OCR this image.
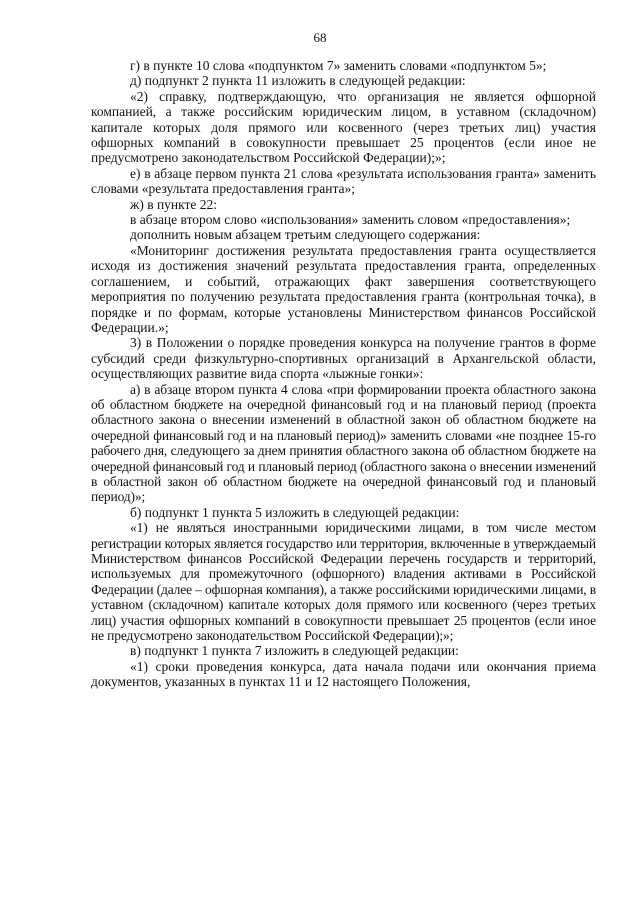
68

г) в пункте 10 слова «подпунктом 7» заменить словами «подпунктом 5»;

д) подпункт 2 пункта 11 изложить в следующей редакции:

«2) справку, подтверждающую, что организация не является офшорной компанией, а также российским юридическим лицом, в уставном (складочном) капитале которых доля прямого или косвенного (через третьих лиц) участия офшорных компаний в совокупности превышает 25 процентов (если иное не предусмотрено законодательством Российской Федерации);»;

е) в абзаце первом пункта 21 слова «результата использования гранта» заменить словами «результата предоставления гранта»;

ж) в пункте 22:

в абзаце втором слово «использования» заменить словом «предоставления»;

дополнить новым абзацем третьим следующего содержания:

«Мониторинг достижения результата предоставления гранта осуществляется исходя из достижения значений результата предоставления гранта, определенных соглашением, и событий, отражающих факт завершения соответствующего мероприятия по получению результата предоставления гранта (контрольная точка), в порядке и по формам, которые установлены Министерством финансов Российской Федерации.»;

3) в Положении о порядке проведения конкурса на получение грантов в форме субсидий среди физкультурно-спортивных организаций в Архангельской области, осуществляющих развитие вида спорта «лыжные гонки»:

а) в абзаце втором пункта 4 слова «при формировании проекта областного закона об областном бюджете на очередной финансовый год и на плановый период (проекта областного закона о внесении изменений в областной закон об областном бюджете на очередной финансовый год и на плановый период)» заменить словами «не позднее 15-го рабочего дня, следующего за днем принятия областного закона об областном бюджете на очередной финансовый год и плановый период (областного закона о внесении изменений в областной закон об областном бюджете на очередной финансовый год и плановый период)»;

б) подпункт 1 пункта 5 изложить в следующей редакции:

«1) не являться иностранными юридическими лицами, в том числе местом регистрации которых является государство или территория, включенные в утверждаемый Министерством финансов Российской Федерации перечень государств и территорий, используемых для промежуточного (офшорного) владения активами в Российской Федерации (далее – офшорная компания), а также российскими юридическими лицами, в уставном (складочном) капитале которых доля прямого или косвенного (через третьих лиц) участия офшорных компаний в совокупности превышает 25 процентов (если иное не предусмотрено законодательством Российской Федерации);»;

в) подпункт 1 пункта 7 изложить в следующей редакции:

«1) сроки проведения конкурса, дата начала подачи или окончания приема документов, указанных в пунктах 11 и 12 настоящего Положения,
